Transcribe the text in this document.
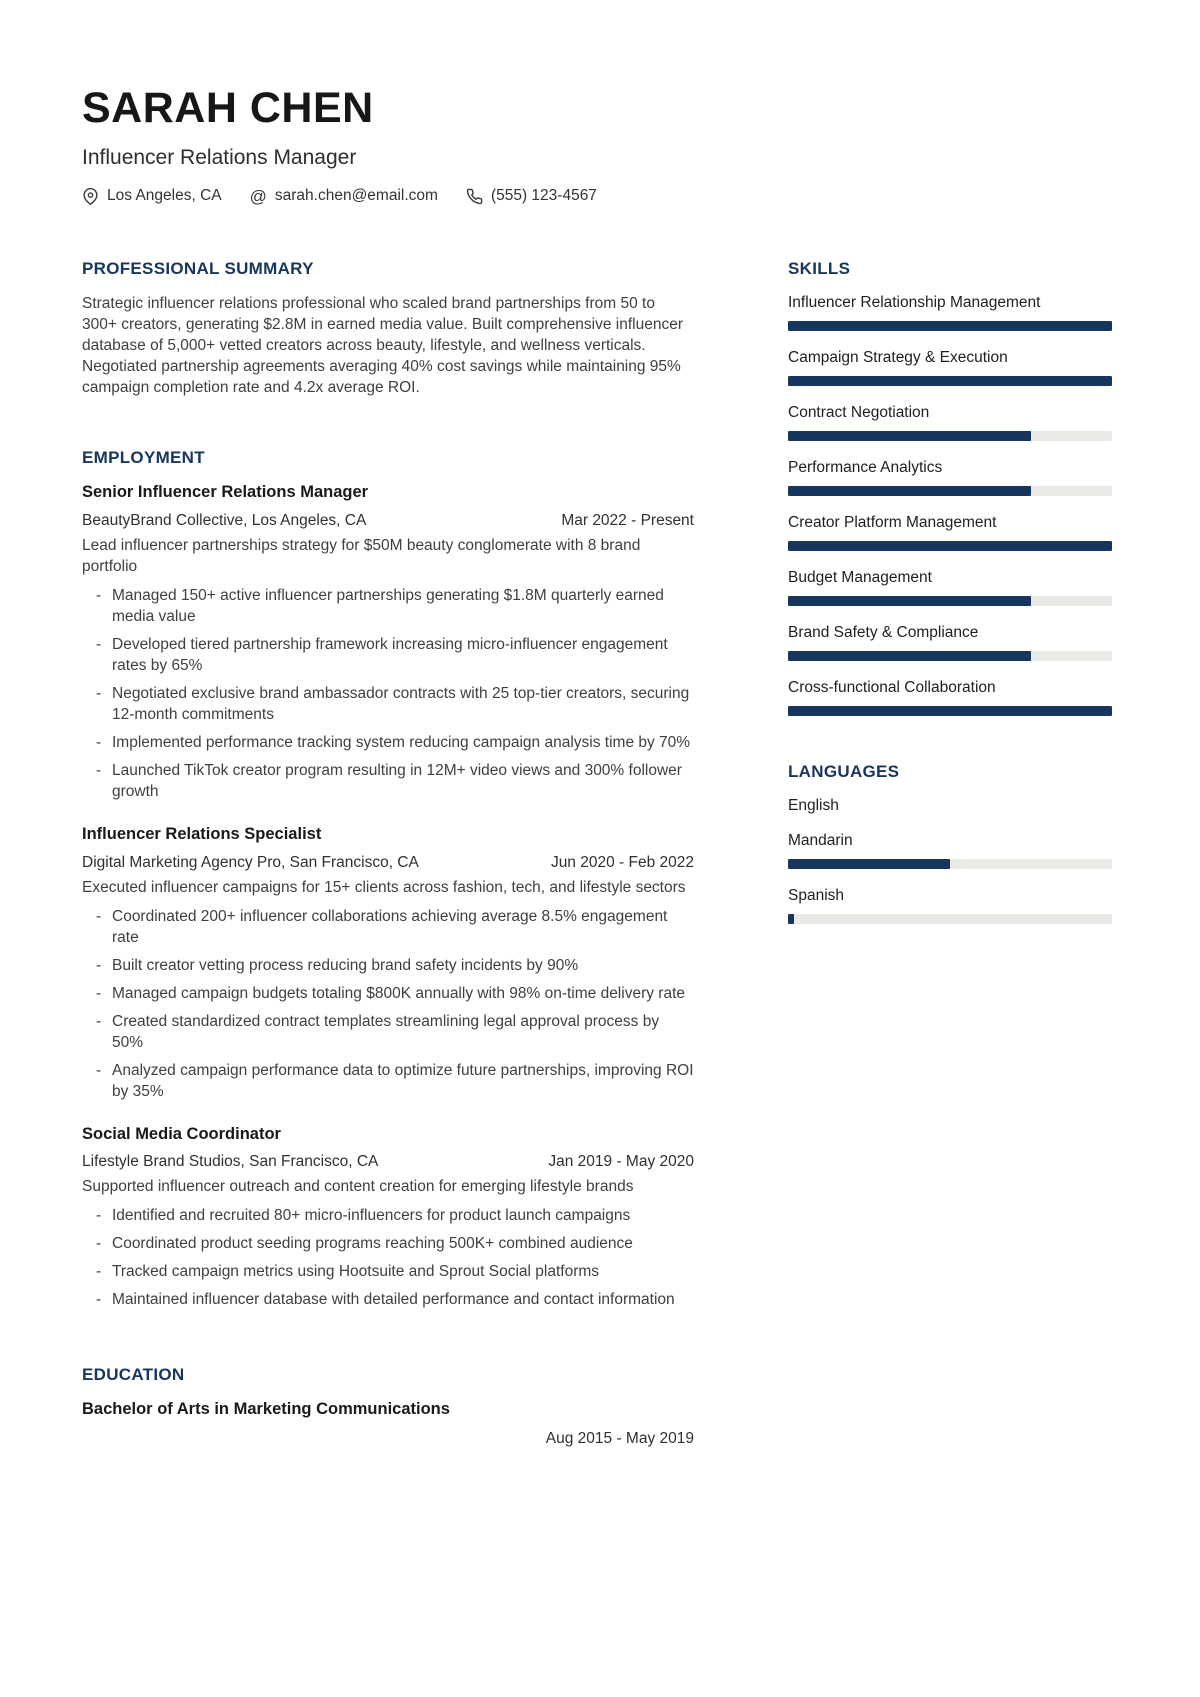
SARAH CHEN
Influencer Relations Manager
Los Angeles, CA @ sarah.chen@email.com	(555) 123-4567
PROFESSIONAL SUMMARY

Strategic influencer relations professional who scaled brand partnerships from 50 to 300+ creators, generating $2.8M in earned media value. Built comprehensive influencer database of 5,000+ vetted creators across beauty, lifestyle, and wellness verticals. Negotiated partnership agreements averaging 40% cost savings while maintaining 95% campaign completion rate and 4.2x average ROI.

EMPLOYMENT
Senior Influencer Relations Manager
BeautyBrand Collective, Los Angeles, CA	Mar 2022 - Present
Lead influencer partnerships strategy for $50M beauty conglomerate with 8 brand portfolio
- Managed 150+ active influencer partnerships generating $1.8M quarterly earned media value
- Developed tiered partnership framework increasing micro-influencer engagement rates by 65%
- Negotiated exclusive brand ambassador contracts with 25 top-tier creators, securing 12-month commitments
- Implemented performance tracking system reducing campaign analysis time by 70%
- Launched TikTok creator program resulting in 12M+ video views and 300% follower growth
Influencer Relations Specialist
Digital Marketing Agency Pro, San Francisco, CA	Jun 2020 - Feb 2022
Executed influencer campaigns for 15+ clients across fashion, tech, and lifestyle sectors
- Coordinated 200+ influencer collaborations achieving average 8.5% engagement rate
- Built creator vetting process reducing brand safety incidents by 90%
- Managed campaign budgets totaling $800K annually with 98% on-time delivery rate
- Created standardized contract templates streamlining legal approval process by 50%
- Analyzed campaign performance data to optimize future partnerships, improving ROI by 35%
Social Media Coordinator
Lifestyle Brand Studios, San Francisco, CA	Jan 2019 - May 2020
Supported influencer outreach and content creation for emerging lifestyle brands
- Identified and recruited 80+ micro-influencers for product launch campaigns
- Coordinated product seeding programs reaching 500K+ combined audience
- Tracked campaign metrics using Hootsuite and Sprout Social platforms
- Maintained influencer database with detailed performance and contact information
EDUCATION
Bachelor of Arts in Marketing Communications
Aug 2015 - May 2019
SKILLS
Influencer Relationship Management
Campaign Strategy & Execution
Contract Negotiation
Performance Analytics
Creator Platform Management
Budget Management
Brand Safety & Compliance
Cross-functional Collaboration
LANGUAGES
English
Mandarin
Spanish
